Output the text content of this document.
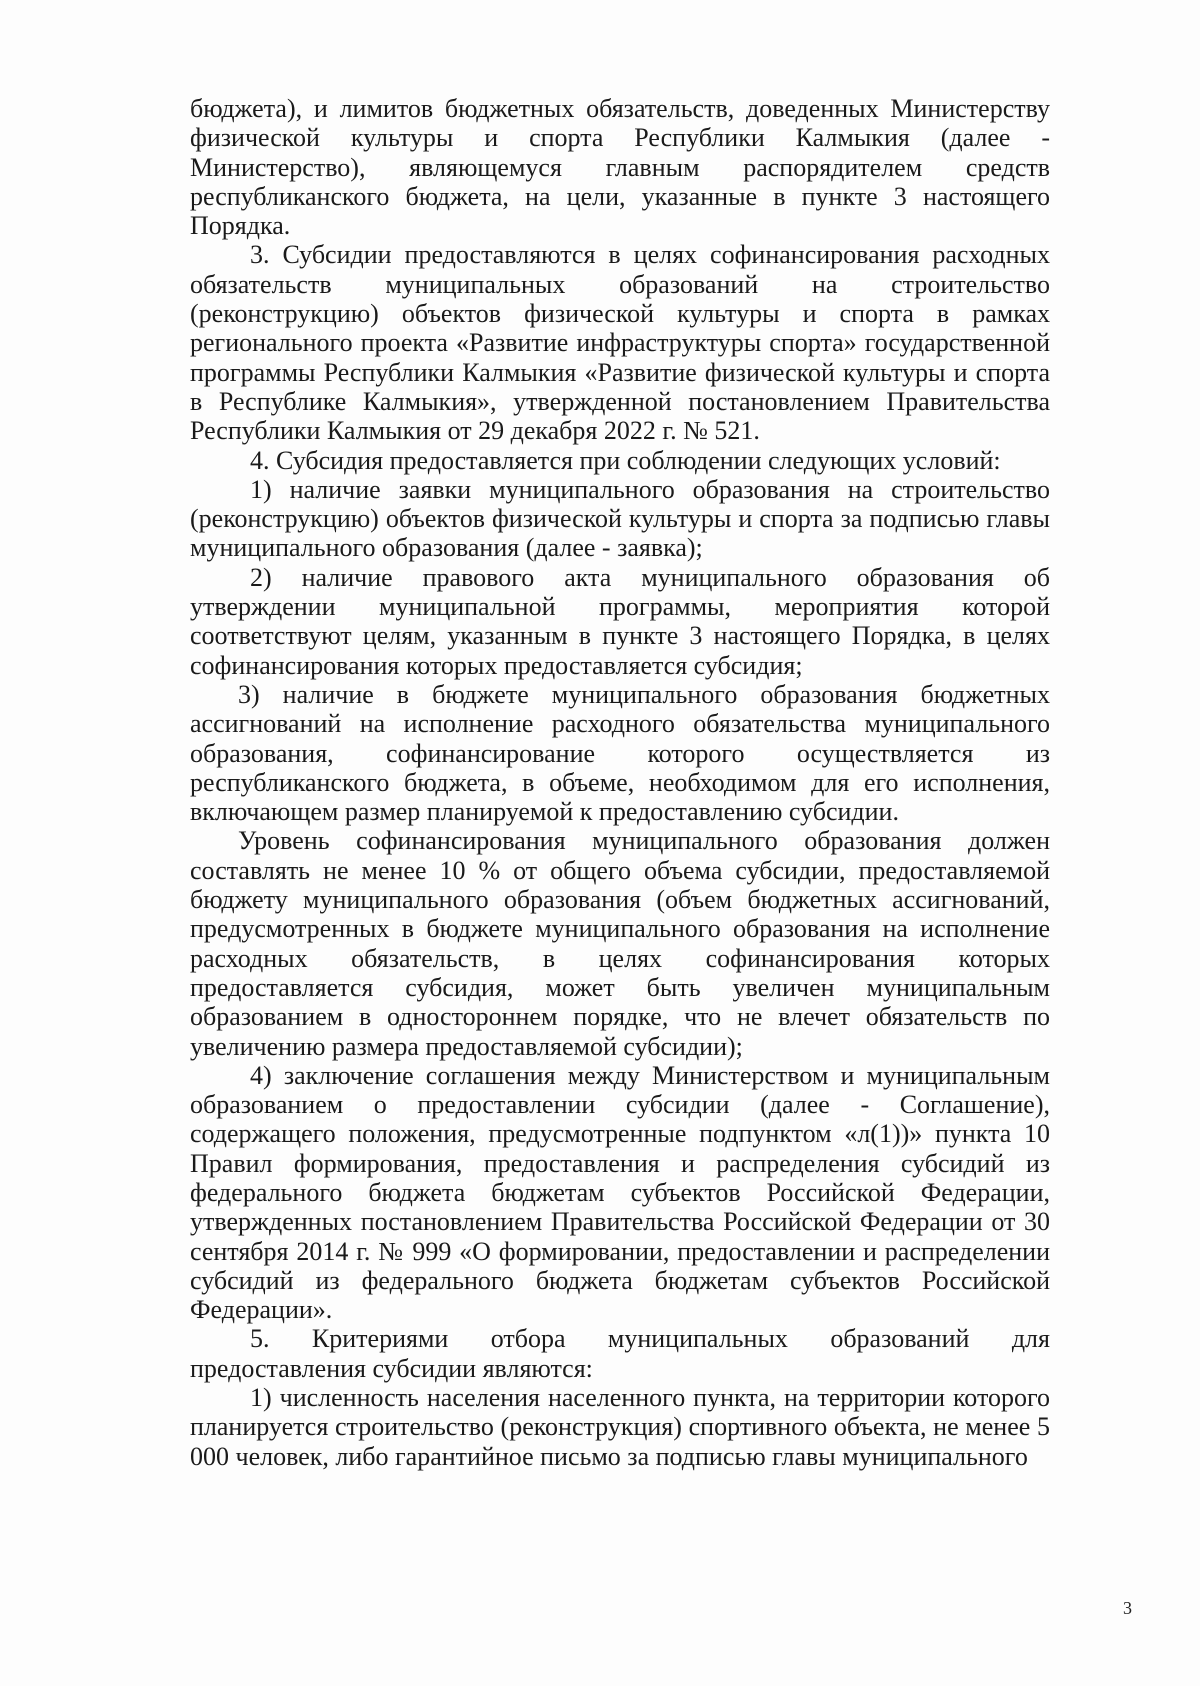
бюджета), и лимитов бюджетных обязательств, доведенных Министерству физической культуры и спорта Республики Калмыкия (далее - Министерство), являющемуся главным распорядителем средств республиканского бюджета, на цели, указанные в пункте 3 настоящего Порядка.

3. Субсидии предоставляются в целях софинансирования расходных обязательств муниципальных образований на строительство (реконструкцию) объектов физической культуры и спорта в рамках регионального проекта «Развитие инфраструктуры спорта» государственной программы Республики Калмыкия «Развитие физической культуры и спорта в Республике Калмыкия», утвержденной постановлением Правительства Республики Калмыкия от 29 декабря 2022 г. № 521.

4. Субсидия предоставляется при соблюдении следующих условий:

1) наличие заявки муниципального образования на строительство (реконструкцию) объектов физической культуры и спорта за подписью главы муниципального образования (далее - заявка);

2) наличие правового акта муниципального образования об утверждении муниципальной программы, мероприятия которой соответствуют целям, указанным в пункте 3 настоящего Порядка, в целях софинансирования которых предоставляется субсидия;

3) наличие в бюджете муниципального образования бюджетных ассигнований на исполнение расходного обязательства муниципального образования, софинансирование которого осуществляется из республиканского бюджета, в объеме, необходимом для его исполнения, включающем размер планируемой к предоставлению субсидии.

Уровень софинансирования муниципального образования должен составлять не менее 10 % от общего объема субсидии, предоставляемой бюджету муниципального образования (объем бюджетных ассигнований, предусмотренных в бюджете муниципального образования на исполнение расходных обязательств, в целях софинансирования которых предоставляется субсидия, может быть увеличен муниципальным образованием в одностороннем порядке, что не влечет обязательств по увеличению размера предоставляемой субсидии);

4) заключение соглашения между Министерством и муниципальным образованием о предоставлении субсидии (далее - Соглашение), содержащего положения, предусмотренные подпунктом «л(1))» пункта 10 Правил формирования, предоставления и распределения субсидий из федерального бюджета бюджетам субъектов Российской Федерации, утвержденных постановлением Правительства Российской Федерации от 30 сентября 2014 г. № 999 «О формировании, предоставлении и распределении субсидий из федерального бюджета бюджетам субъектов Российской Федерации».

5. Критериями отбора муниципальных образований для предоставления субсидии являются:

1) численность населения населенного пункта, на территории которого планируется строительство (реконструкция) спортивного объекта, не менее 5 000 человек, либо гарантийное письмо за подписью главы муниципального

3
